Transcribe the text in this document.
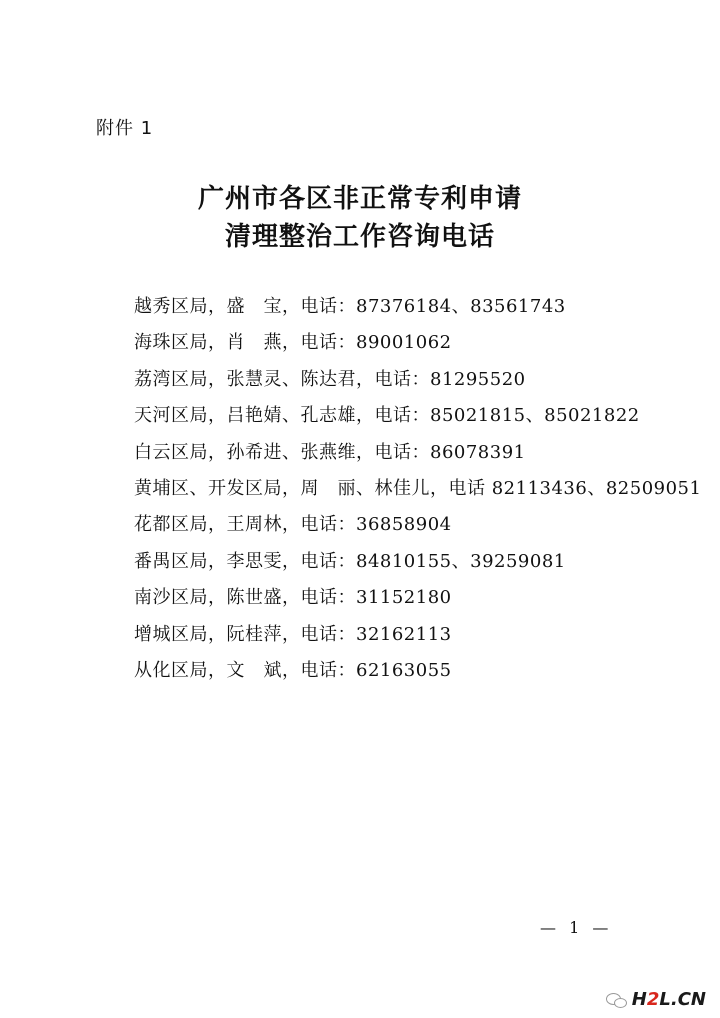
附件 1
广州市各区非正常专利申请
清理整治工作咨询电话
越秀区局，盛　宝，电话：87376184、83561743
海珠区局，肖　燕，电话：89001062
荔湾区局，张慧灵、陈达君，电话：81295520
天河区局，吕艳婧、孔志雄，电话：85021815、85021822
白云区局，孙希进、张燕维，电话：86078391
黄埔区、开发区局，周　丽、林佳儿，电话 82113436、82509051
花都区局，王周林，电话：36858904
番禺区局，李思雯，电话：84810155、39259081
南沙区局，陈世盛，电话：31152180
增城区局，阮桂萍，电话：32162113
从化区局，文　斌，电话：62163055
— 1 —
H2L.CN
